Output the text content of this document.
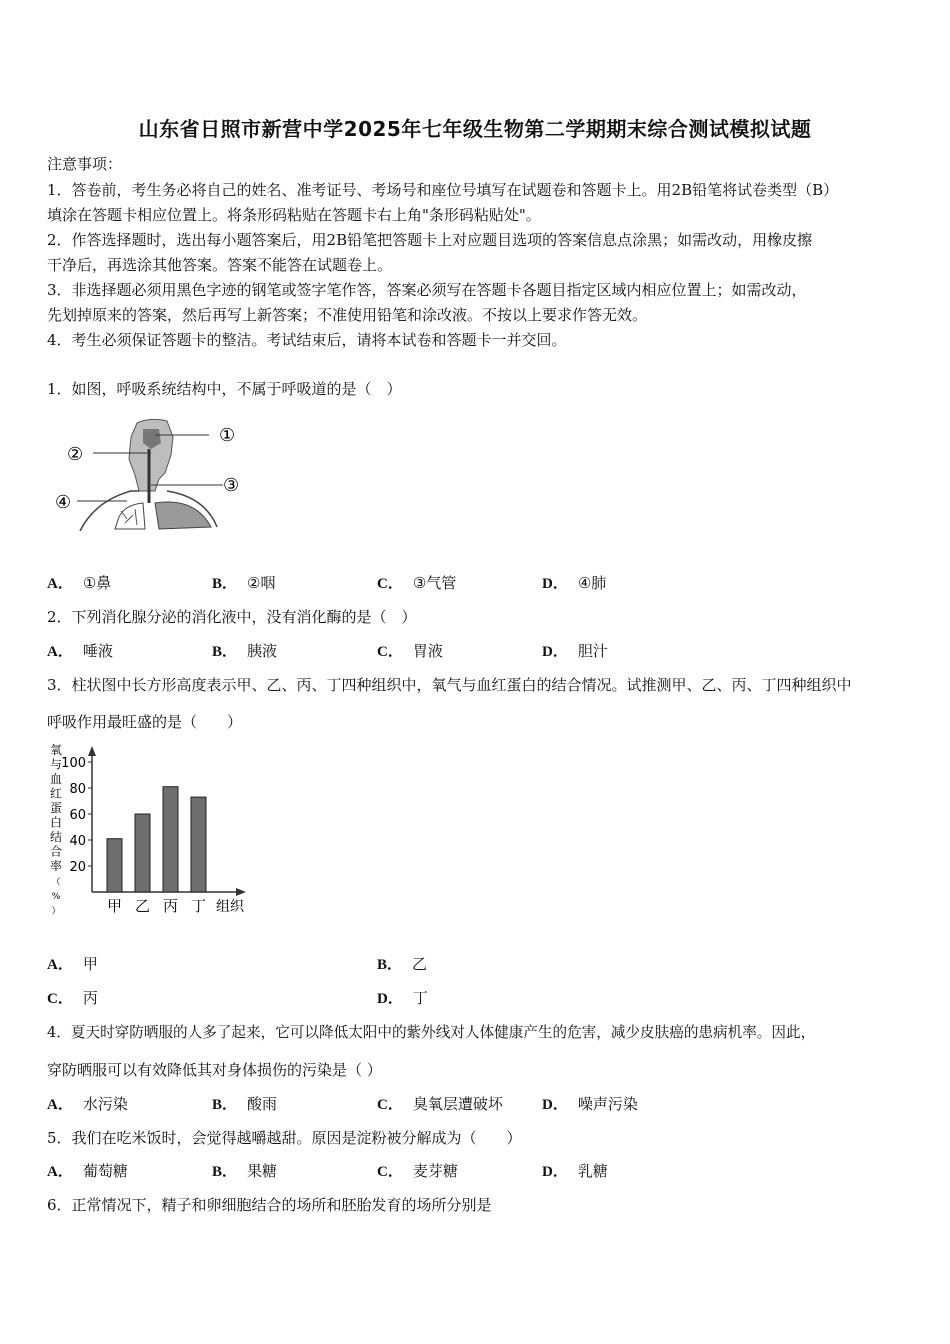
山东省日照市新营中学2025年七年级生物第二学期期末综合测试模拟试题
注意事项：
1．答卷前，考生务必将自己的姓名、准考证号、考场号和座位号填写在试题卷和答题卡上。用2B铅笔将试卷类型（B）
填涂在答题卡相应位置上。将条形码粘贴在答题卡右上角"条形码粘贴处"。
2．作答选择题时，选出每小题答案后，用2B铅笔把答题卡上对应题目选项的答案信息点涂黑；如需改动，用橡皮擦
干净后，再选涂其他答案。答案不能答在试题卷上。
3．非选择题必须用黑色字迹的钢笔或签字笔作答，答案必须写在答题卡各题目指定区域内相应位置上；如需改动，
先划掉原来的答案，然后再写上新答案；不准使用铅笔和涂改液。不按以上要求作答无效。
4．考生必须保证答题卡的整洁。考试结束后，请将本试卷和答题卡一并交回。
1．如图，呼吸系统结构中，不属于呼吸道的是（　）
①
②
③
④
A． ①鼻	B． ②咽	C． ③气管	D． ④肺
2．下列消化腺分泌的消化液中，没有消化酶的是（　）
A． 唾液	B． 胰液	C． 胃液	D． 胆汁
3．柱状图中长方形高度表示甲、乙、丙、丁四种组织中，氧气与血红蛋白的结合情况。试推测甲、乙、丙、丁四种组织中
呼吸作用最旺盛的是（　　）
氧
与
血
红
蛋
白
结
合
率
（
%
）
20
40
60
80
100
甲 乙 丙 丁 组织
A． 甲	B． 乙
C． 丙	D． 丁
4．夏天时穿防晒服的人多了起来，它可以降低太阳中的紫外线对人体健康产生的危害，减少皮肤癌的患病机率。因此，
穿防晒服可以有效降低其对身体损伤的污染是（ ）
A． 水污染	B． 酸雨	C． 臭氧层遭破坏	D． 噪声污染
5．我们在吃米饭时，会觉得越嚼越甜。原因是淀粉被分解成为（　　）
A． 葡萄糖	B． 果糖	C． 麦芽糖	D． 乳糖
6．正常情况下，精子和卵细胞结合的场所和胚胎发育的场所分别是
